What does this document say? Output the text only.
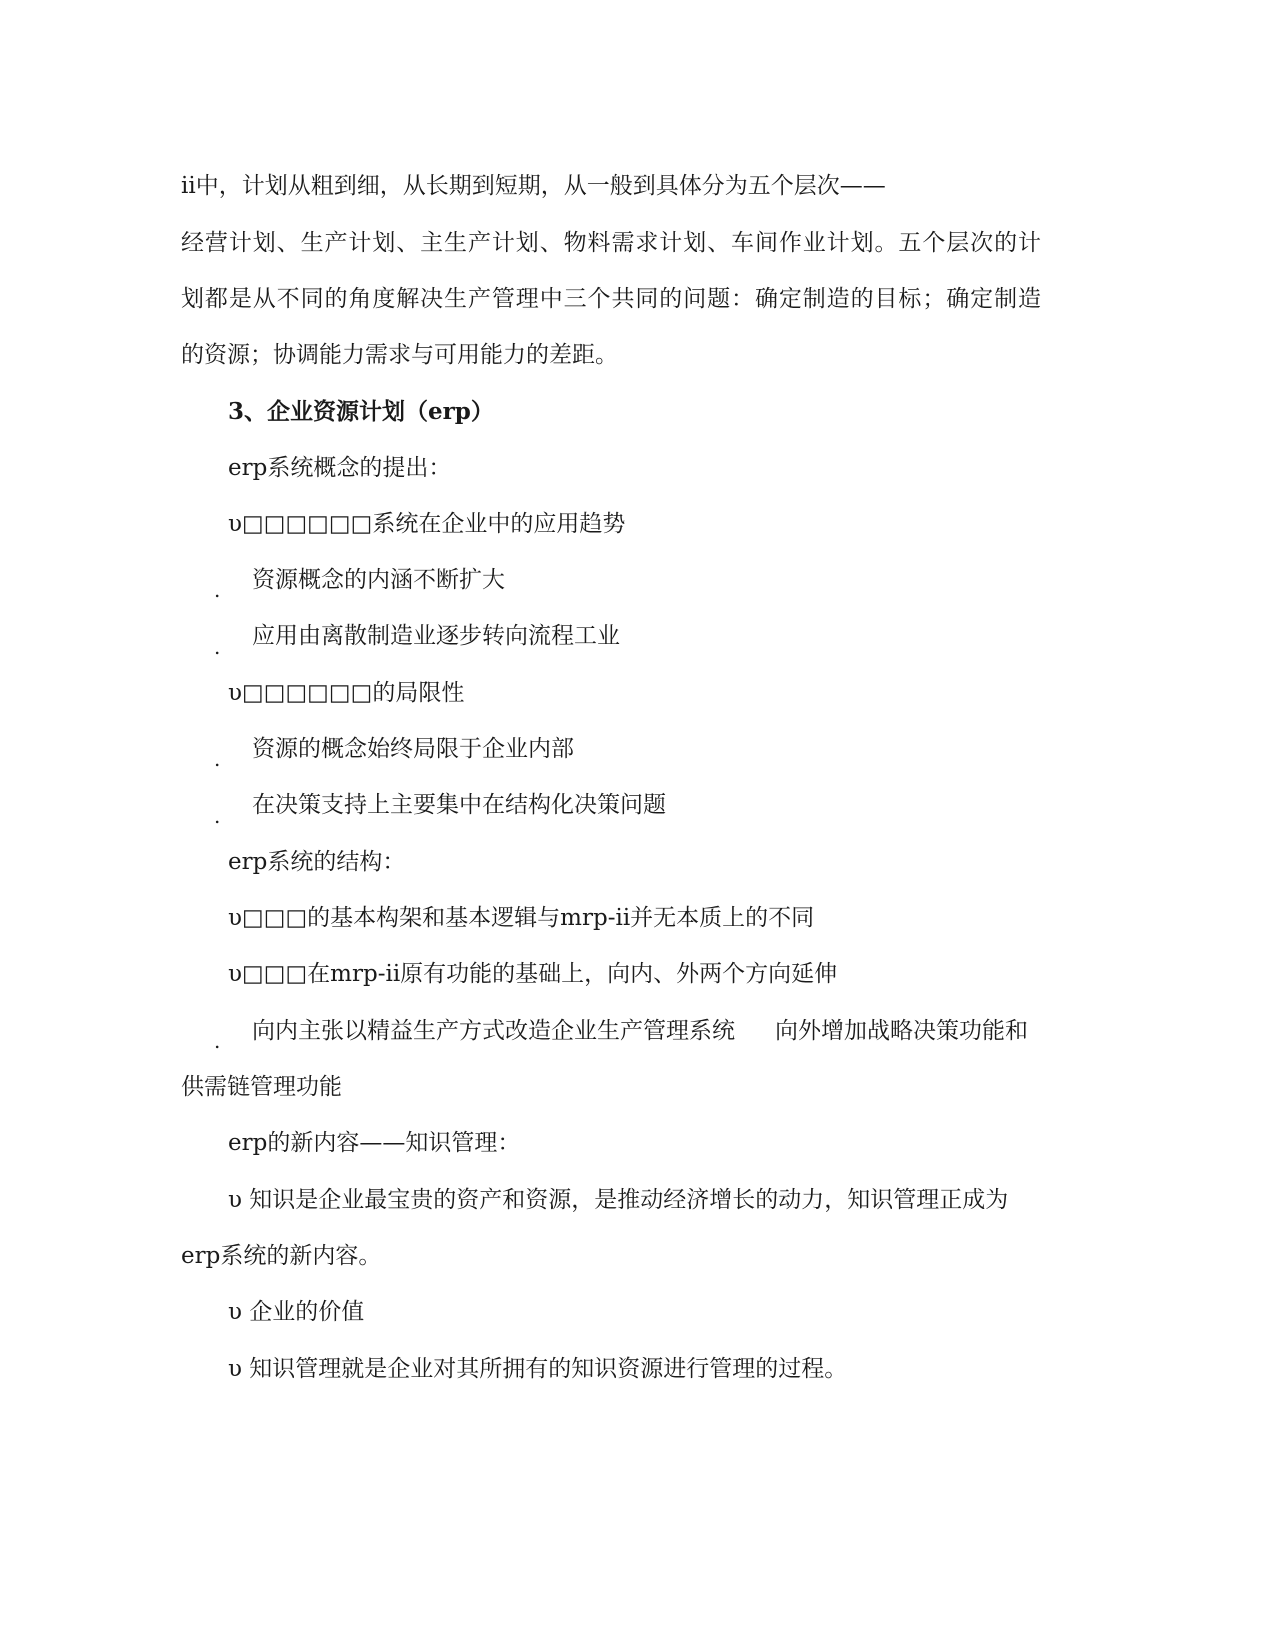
ii中，计划从粗到细，从长期到短期，从一般到具体分为五个层次——
经营计划、生产计划、主生产计划、物料需求计划、车间作业计划。五个层次的计
划都是从不同的角度解决生产管理中三个共同的问题：确定制造的目标；确定制造
的资源；协调能力需求与可用能力的差距。
3、企业资源计划（erp）
erp系统概念的提出：
υ□□□□□□系统在企业中的应用趋势
. 资源概念的内涵不断扩大
. 应用由离散制造业逐步转向流程工业
υ□□□□□□的局限性
. 资源的概念始终局限于企业内部
. 在决策支持上主要集中在结构化决策问题
erp系统的结构：
υ□□□的基本构架和基本逻辑与mrp-ii并无本质上的不同
υ□□□在mrp-ii原有功能的基础上，向内、外两个方向延伸
. 向内主张以精益生产方式改造企业生产管理系统 向外增加战略决策功能和
供需链管理功能
erp的新内容——知识管理：
υ 知识是企业最宝贵的资产和资源，是推动经济增长的动力，知识管理正成为
erp系统的新内容。
υ 企业的价值
υ 知识管理就是企业对其所拥有的知识资源进行管理的过程。
